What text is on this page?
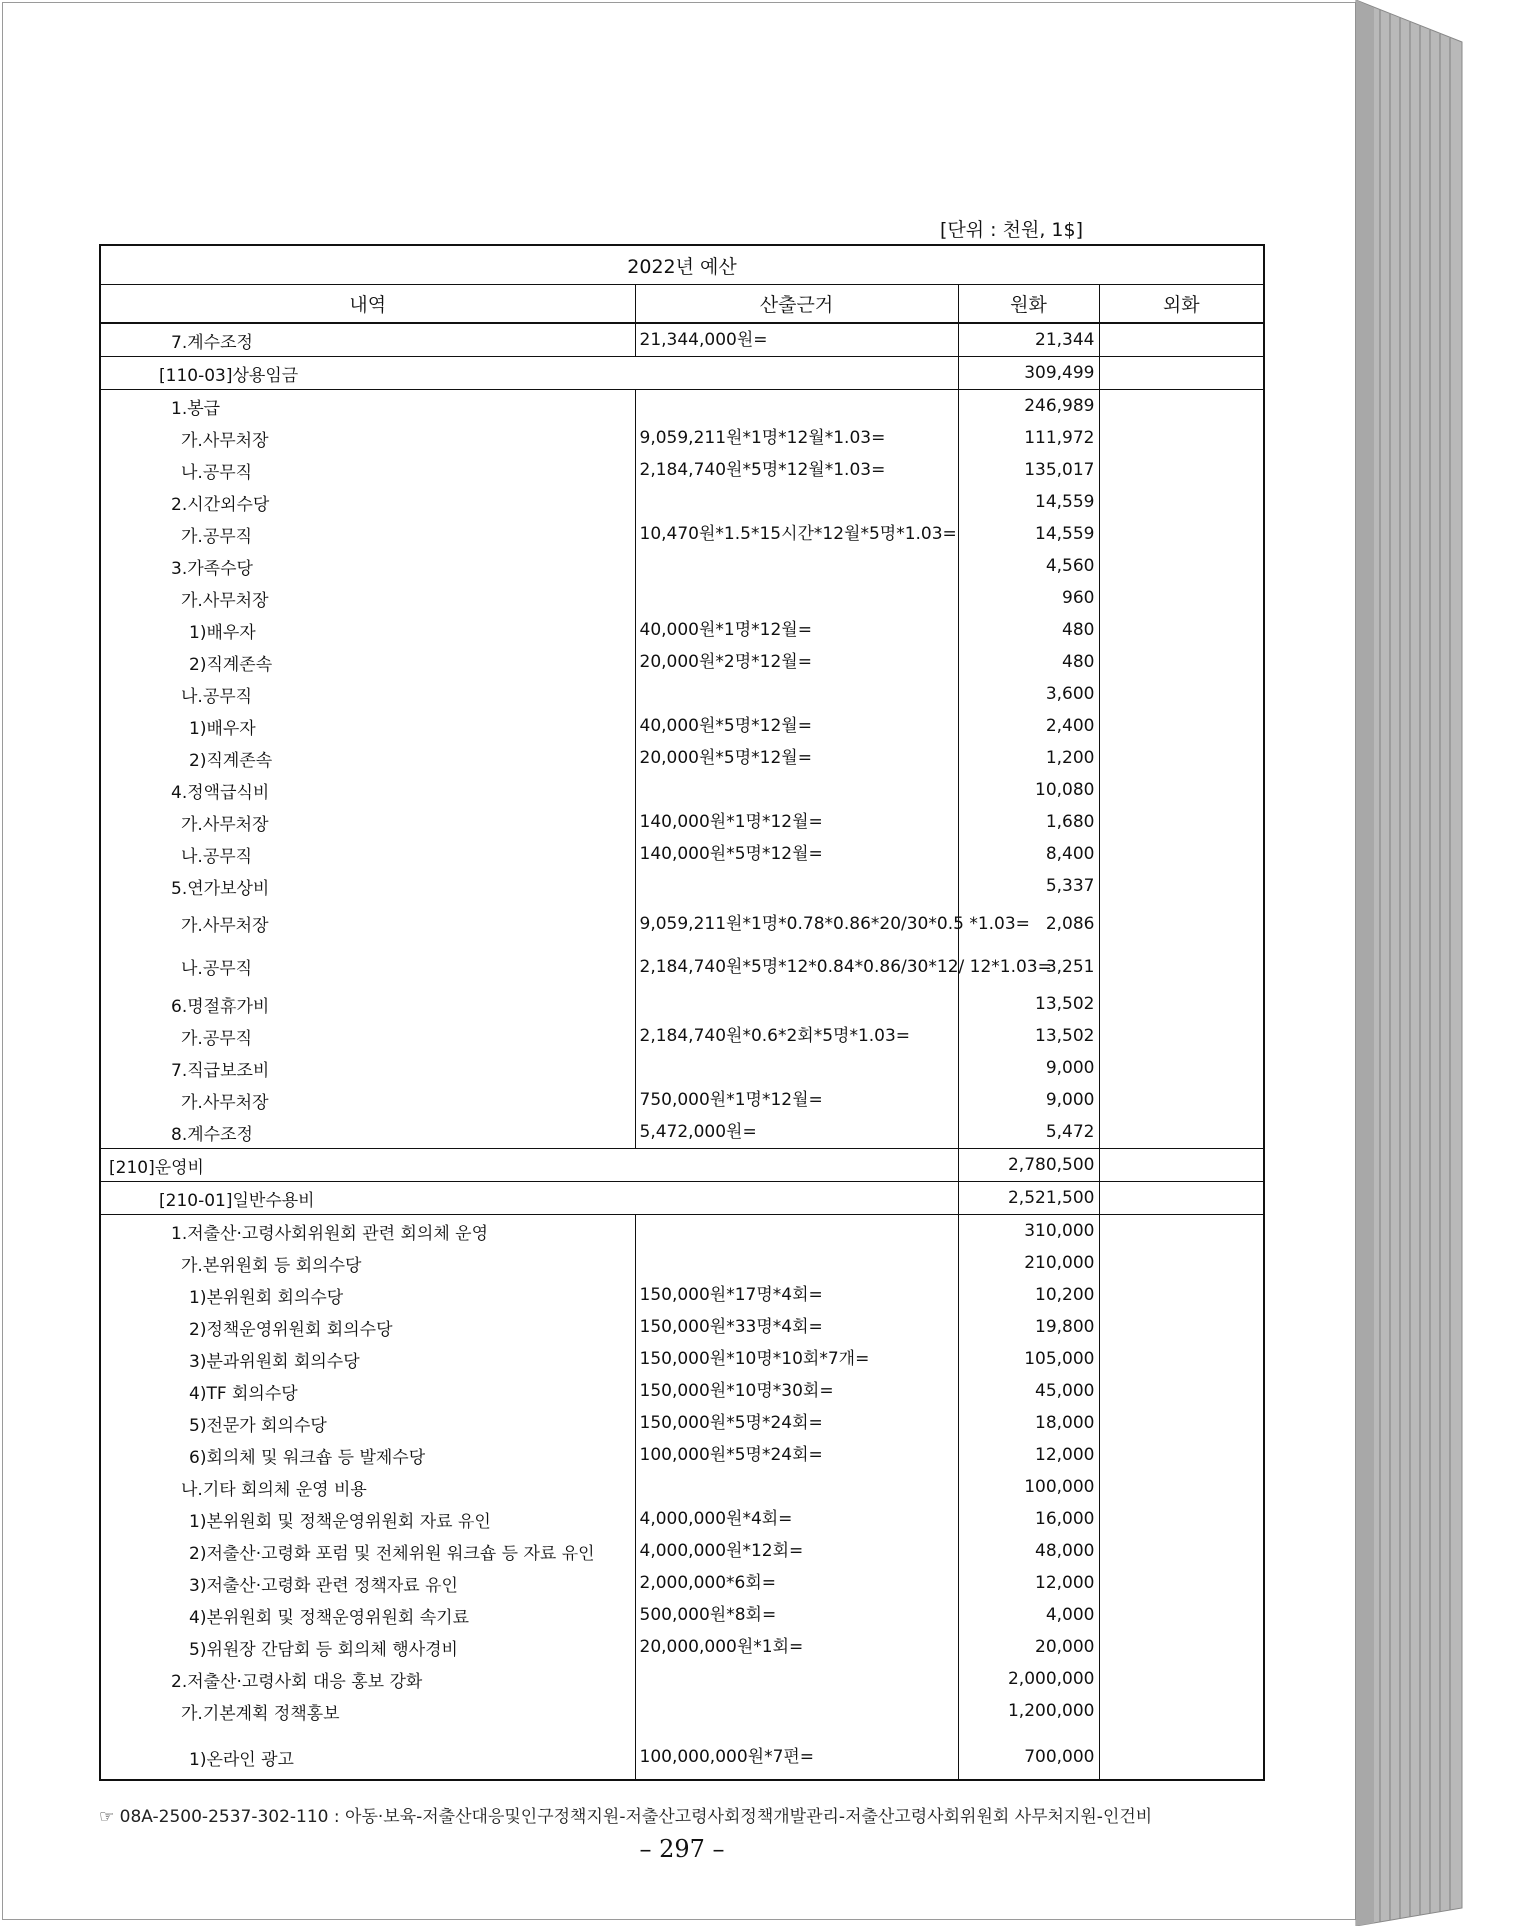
[단위 : 천원, 1$]
2022년 예산			
내역	산출근거	원화	외화
7.계수조정	21,344,000원=	21,344	
[110-03]상용임금		309,499	
1.봉급		246,989	
가.사무처장	9,059,211원*1명*12월*1.03=	111,972	
나.공무직	2,184,740원*5명*12월*1.03=	135,017	
2.시간외수당		14,559	
가.공무직	10,470원*1.5*15시간*12월*5명*1.03=	14,559	
3.가족수당		4,560	
가.사무처장		960	
1)배우자	40,000원*1명*12월=	480	
2)직계존속	20,000원*2명*12월=	480	
나.공무직		3,600	
1)배우자	40,000원*5명*12월=	2,400	
2)직계존속	20,000원*5명*12월=	1,200	
4.정액급식비		10,080	
가.사무처장	140,000원*1명*12월=	1,680	
나.공무직	140,000원*5명*12월=	8,400	
5.연가보상비		5,337	
가.사무처장	9,059,211원*1명*0.78*0.86*20/30*0.5 *1.03=	2,086	
나.공무직	2,184,740원*5명*12*0.84*0.86/30*12/ 12*1.03=	3,251	
6.명절휴가비		13,502	
가.공무직	2,184,740원*0.6*2회*5명*1.03=	13,502	
7.직급보조비		9,000	
가.사무처장	750,000원*1명*12월=	9,000	
8.계수조정	5,472,000원=	5,472	
[210]운영비		2,780,500	
[210-01]일반수용비		2,521,500	
1.저출산·고령사회위원회 관련 회의체 운영		310,000	
가.본위원회 등 회의수당		210,000	
1)본위원회 회의수당	150,000원*17명*4회=	10,200	
2)정책운영위원회 회의수당	150,000원*33명*4회=	19,800	
3)분과위원회 회의수당	150,000원*10명*10회*7개=	105,000	
4)TF 회의수당	150,000원*10명*30회=	45,000	
5)전문가 회의수당	150,000원*5명*24회=	18,000	
6)회의체 및 워크숍 등 발제수당	100,000원*5명*24회=	12,000	
나.기타 회의체 운영 비용		100,000	
1)본위원회 및 정책운영위원회 자료 유인	4,000,000원*4회=	16,000	
2)저출산·고령화 포럼 및 전체위원 워크숍 등 자료 유인	4,000,000원*12회=	48,000	
3)저출산·고령화 관련 정책자료 유인	2,000,000*6회=	12,000	
4)본위원회 및 정책운영위원회 속기료	500,000원*8회=	4,000	
5)위원장 간담회 등 회의체 행사경비	20,000,000원*1회=	20,000	
2.저출산·고령사회 대응 홍보 강화		2,000,000	
가.기본계획 정책홍보		1,200,000	
1)온라인 광고	100,000,000원*7편=	700,000	
☞ 08A-2500-2537-302-110 : 아동·보육-저출산대응및인구정책지원-저출산고령사회정책개발관리-저출산고령사회위원회 사무처지원-인건비
– 297 –
